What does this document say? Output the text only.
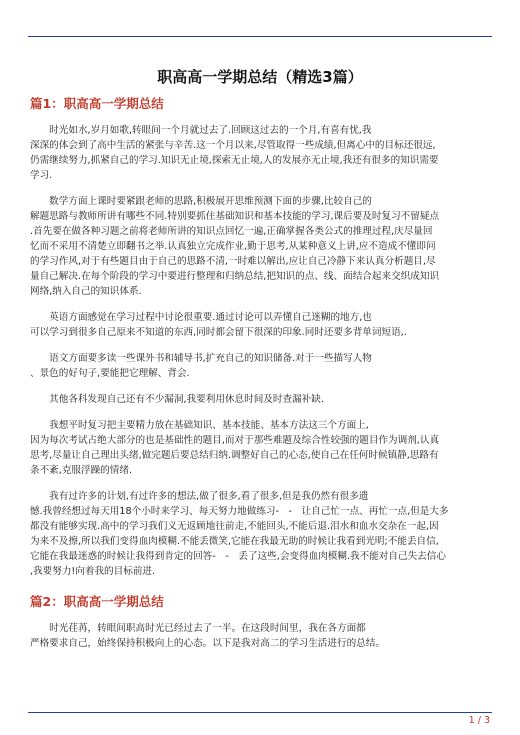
职高高一学期总结（精选3篇）
篇1：职高高一学期总结

　　时光如水,岁月如歌,转眼间一个月就过去了.回顾这过去的一个月,有喜有忧,我
深深的体会到了高中生活的紧张与辛苦.这一个月以来,尽管取得一些成绩,但离心中的目标还很远,
仍需继续努力,抓紧自己的学习.知识无止境,探索无止境,人的发展亦无止境,我还有很多的知识需要
学习.

　　数学方面上课时要紧跟老师的思路,积极展开思维预测下面的步骤,比较自己的
解题思路与教师所讲有哪些不同.特别要抓住基础知识和基本技能的学习,课后要及时复习不留疑点
.首先要在做各种习题之前将老师所讲的知识点回忆一遍,正确掌握各类公式的推理过程,庆尽量回
忆而不采用不清楚立即翻书之举.认真独立完成作业,勤于思考,从某种意义上讲,应不造成不懂即问
的学习作风,对于有些题目由于自己的思路不清,一时难以解出,应让自己冷静下来认真分析题目,尽
量自己解决.在每个阶段的学习中要进行整理和归纳总结,把知识的点、线、面结合起来交织成知识
网络,纳入自己的知识体系.

　　英语方面感觉在学习过程中讨论很重要.通过讨论可以弄懂自己迷糊的地方,也
可以学习到很多自己原来不知道的东西,同时都会留下很深的印象.同时还要多背单词短语,.

　　语文方面要多读一些课外书和辅导书,扩充自己的知识储备.对于一些描写人物
、景色的好句子,要能把它理解、背会.

　　其他各科发现自己还有不少漏洞,我要利用休息时间及时查漏补缺.

　　我想平时复习把主要精力放在基础知识、基本技能、基本方法这三个方面上,
因为每次考试占绝大部分的也是基础性的题目,而对于那些难题及综合性较强的题目作为调剂,认真
思考,尽量让自己理出头绪,做完题后要总结归纳.调整好自己的心态,使自己在任何时候镇静,思路有
条不紊,克服浮躁的情绪.

　　我有过许多的计划,有过许多的想法,做了很多,看了很多,但是我仍然有很多遗
憾.我曾经想过每天用18个小时来学习、每天努力地做练习-　-　让自己忙一点、再忙一点,但是大多
都没有能够实现.高中的学习我们义无返顾地往前走,不能回头,不能后退.泪水和血水交杂在一起,因
为来不及擦,所以我们变得血肉模糊.不能丢微笑,它能在我最无助的时候让我看到光明;不能丢自信,
它能在我最迷惑的时候让我得到肯定的回答-　-　丢了这些,会变得血肉模糊.我不能对自己失去信心
,我要努力!向着我的目标前进.

篇2：职高高一学期总结

　　时光荏苒，转眼间职高时光已经过去了一半。在这段时间里，我在各方面都
严格要求自己，始终保持积极向上的心态。以下是我对高二的学习生活进行的总结。

1 / 3
